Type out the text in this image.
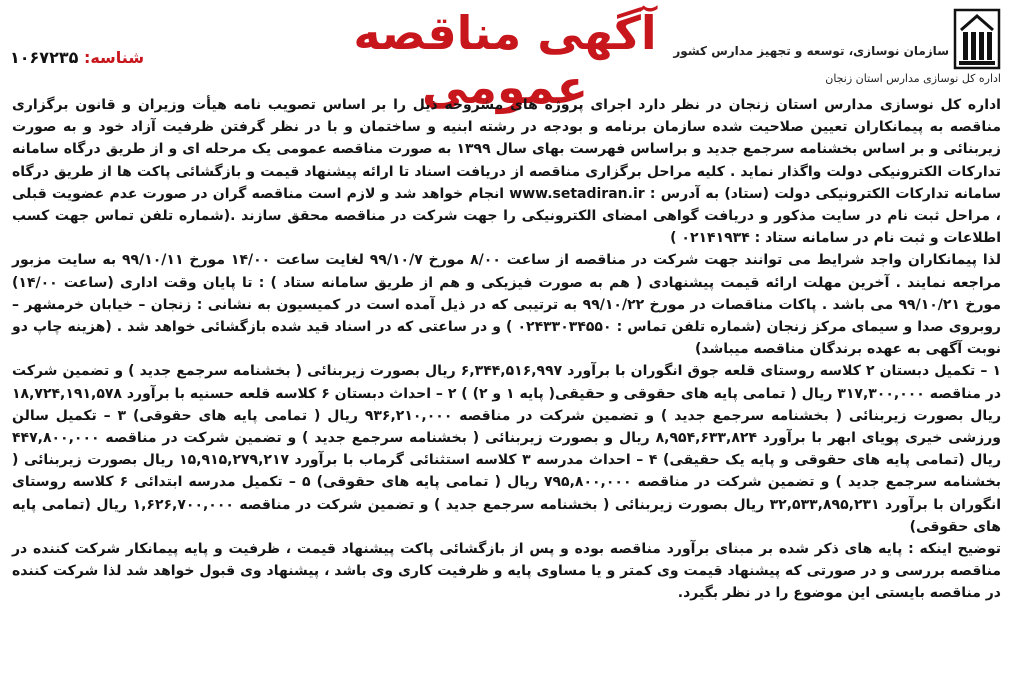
شناسه: ۱۰۶۷۲۳۵	آگهی مناقصه عمومی
سازمان نوسازی، توسعه و تجهیز مدارس کشور
اداره کل نوسازی مدارس استان زنجان

اداره کل نوسازی مدارس استان زنجان در نظر دارد اجرای پروژه های مشروحه ذیل را بر اساس تصویب نامه هیأت وزیران و قانون برگزاری مناقصه به پیمانکاران تعیین صلاحیت شده سازمان برنامه و بودجه در رشته ابنیه و ساختمان و با در نظر گرفتن ظرفیت آزاد خود و به صورت زیربنائی و بر اساس بخشنامه سرجمع جدید و براساس فهرست بهای سال ۱۳۹۹ به صورت مناقصه عمومی یک مرحله ای و از طریق درگاه سامانه تدارکات الکترونیکی دولت واگذار نماید . کلیه مراحل برگزاری مناقصه از دریافت اسناد تا ارائه پیشنهاد قیمت و بازگشائی پاکت ها از طریق درگاه سامانه تدارکات الکترونیکی دولت (ستاد) به آدرس : www.setadiran.ir انجام خواهد شد و لازم است مناقصه گران در صورت عدم عضویت قبلی ، مراحل ثبت نام در سایت مذکور و دریافت گواهی امضای الکترونیکی را جهت شرکت در مناقصه محقق سازند .(شماره تلفن تماس جهت کسب اطلاعات و ثبت نام در سامانه ستاد : ۰۲۱۴۱۹۳۴ )

لذا پیمانکاران واجد شرایط می توانند جهت شرکت در مناقصه از ساعت ۸/۰۰ مورخ ۹۹/۱۰/۷ لغایت ساعت ۱۴/۰۰ مورخ ۹۹/۱۰/۱۱ به سایت مزبور مراجعه نمایند . آخرین مهلت ارائه قیمت پیشنهادی ( هم به صورت فیزیکی و هم از طریق سامانه ستاد ) : تا پایان وقت اداری (ساعت ۱۴/۰۰) مورخ ۹۹/۱۰/۲۱ می باشد . پاکات مناقصات در مورخ ۹۹/۱۰/۲۲ به ترتیبی که در ذیل آمده است در کمیسیون به نشانی : زنجان – خیابان خرمشهر – روبروی صدا و سیمای مرکز زنجان (شماره تلفن تماس : ۰۲۴۳۳۰۳۴۵۵۰ ) و در ساعتی که در اسناد قید شده بازگشائی خواهد شد . (هزینه چاپ دو نوبت آگهی به عهده برندگان مناقصه میباشد)

۱ – تکمیل دبستان ۲ کلاسه روستای قلعه جوق انگوران با برآورد ۶,۳۴۴,۵۱۶,۹۹۷ ریال بصورت زیربنائی ( بخشنامه سرجمع جدید ) و تضمین شرکت در مناقصه ۳۱۷,۳۰۰,۰۰۰ ریال ( تمامی پایه های حقوقی و حقیقی( پایه ۱ و ۲) ) ۲ – احداث دبستان ۶ کلاسه قلعه حسنیه با برآورد ۱۸,۷۲۴,۱۹۱,۵۷۸ ریال بصورت زیربنائی ( بخشنامه سرجمع جدید ) و تضمین شرکت در مناقصه ۹۳۶,۲۱۰,۰۰۰ ریال ( تمامی پایه های حقوقی) ۳ – تکمیل سالن ورزشی خیری پویای ابهر با برآورد ۸,۹۵۴,۶۳۳,۸۲۴ ریال و بصورت زیربنائی ( بخشنامه سرجمع جدید ) و تضمین شرکت در مناقصه ۴۴۷,۸۰۰,۰۰۰ ریال (تمامی پایه های حقوقی و پایه یک حقیقی) ۴ – احداث مدرسه ۳ کلاسه استثنائی گرماب با برآورد ۱۵,۹۱۵,۲۷۹,۲۱۷ ریال بصورت زیربنائی ( بخشنامه سرجمع جدید ) و تضمین شرکت در مناقصه ۷۹۵,۸۰۰,۰۰۰ ریال ( تمامی پایه های حقوقی) ۵ – تکمیل مدرسه ابتدائی ۶ کلاسه روستای انگوران با برآورد ۳۲,۵۳۳,۸۹۵,۲۳۱ ریال بصورت زیربنائی ( بخشنامه سرجمع جدید ) و تضمین شرکت در مناقصه ۱,۶۲۶,۷۰۰,۰۰۰ ریال (تمامی پایه های حقوقی)

توضیح اینکه : پایه های ذکر شده بر مبنای برآورد مناقصه بوده و پس از بازگشائی پاکت پیشنهاد قیمت ، ظرفیت و پایه پیمانکار شرکت کننده در مناقصه بررسی و در صورتی که پیشنهاد قیمت وی کمتر و یا مساوی پایه و ظرفیت کاری وی باشد ، پیشنهاد وی قبول خواهد شد لذا شرکت کننده در مناقصه بایستی این موضوع را در نظر بگیرد.
